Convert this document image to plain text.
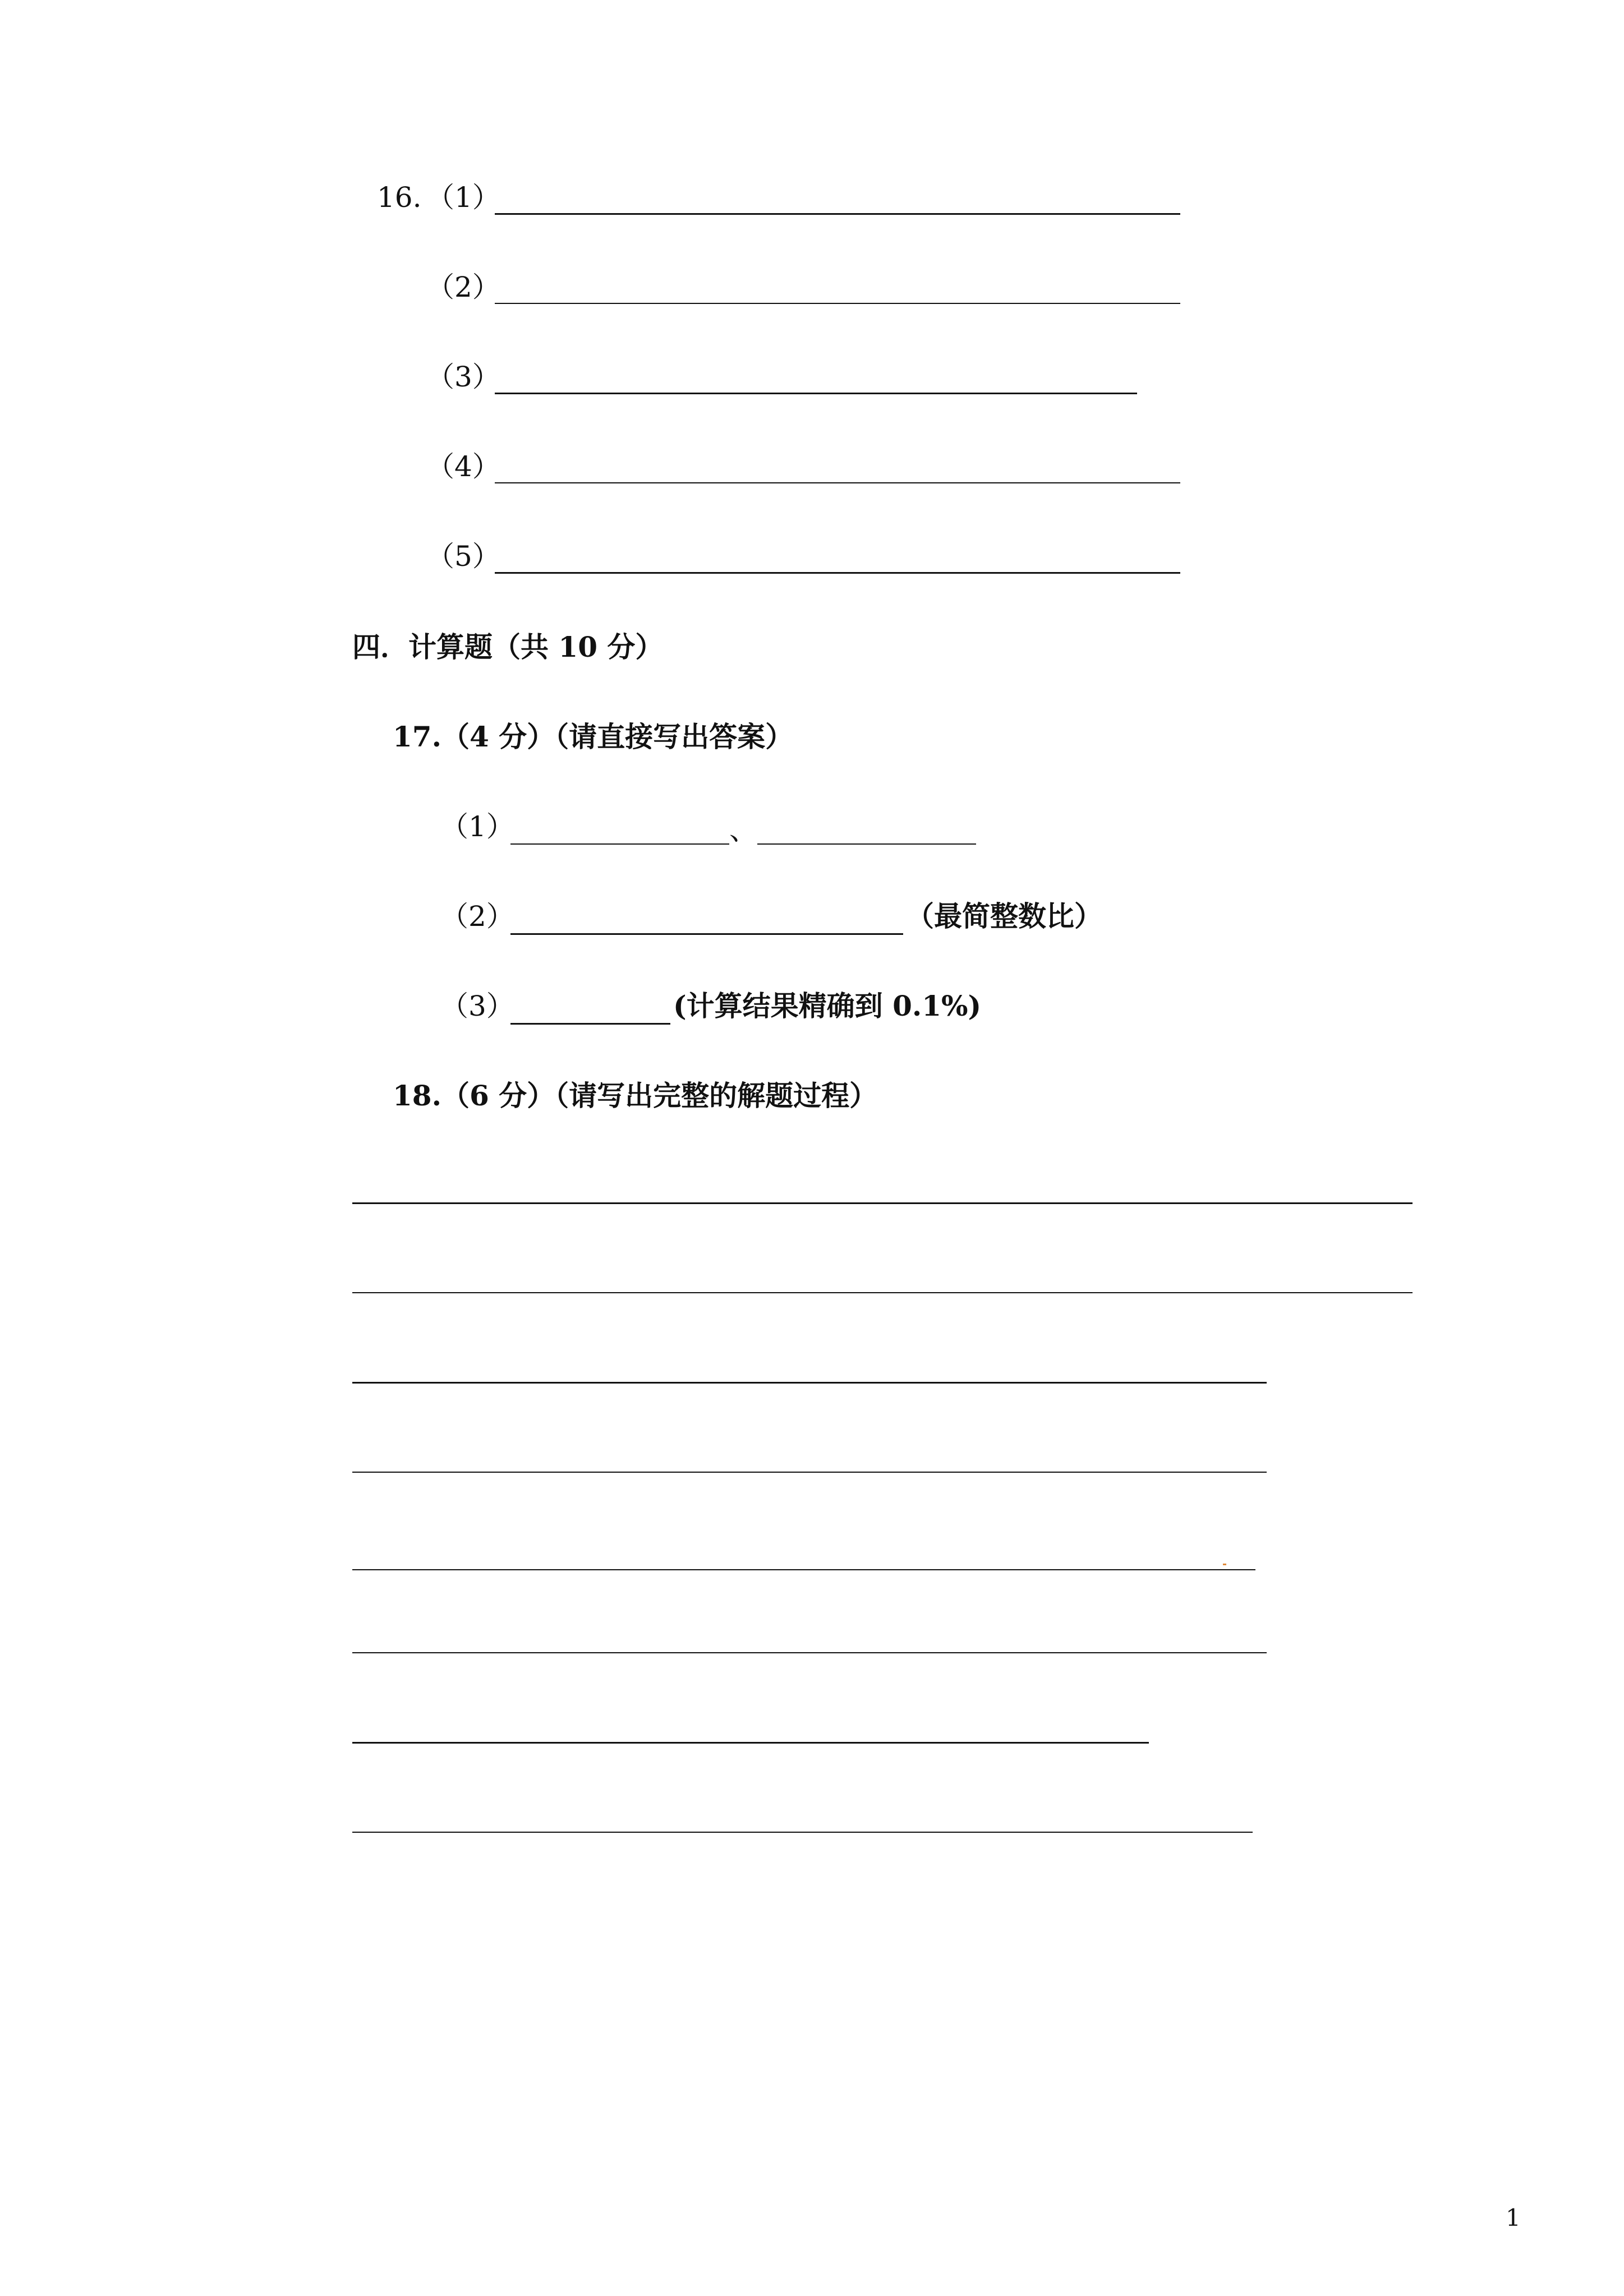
16. （1）
（2）
（3）
（4）
（5）
四．计算题（共 10 分）
17.（4 分）（请直接写出答案）
（1）	、
（2）	（最简整数比）
（3）	(计算结果精确到 0.1%)
18.（6 分）（请写出完整的解题过程）
1
